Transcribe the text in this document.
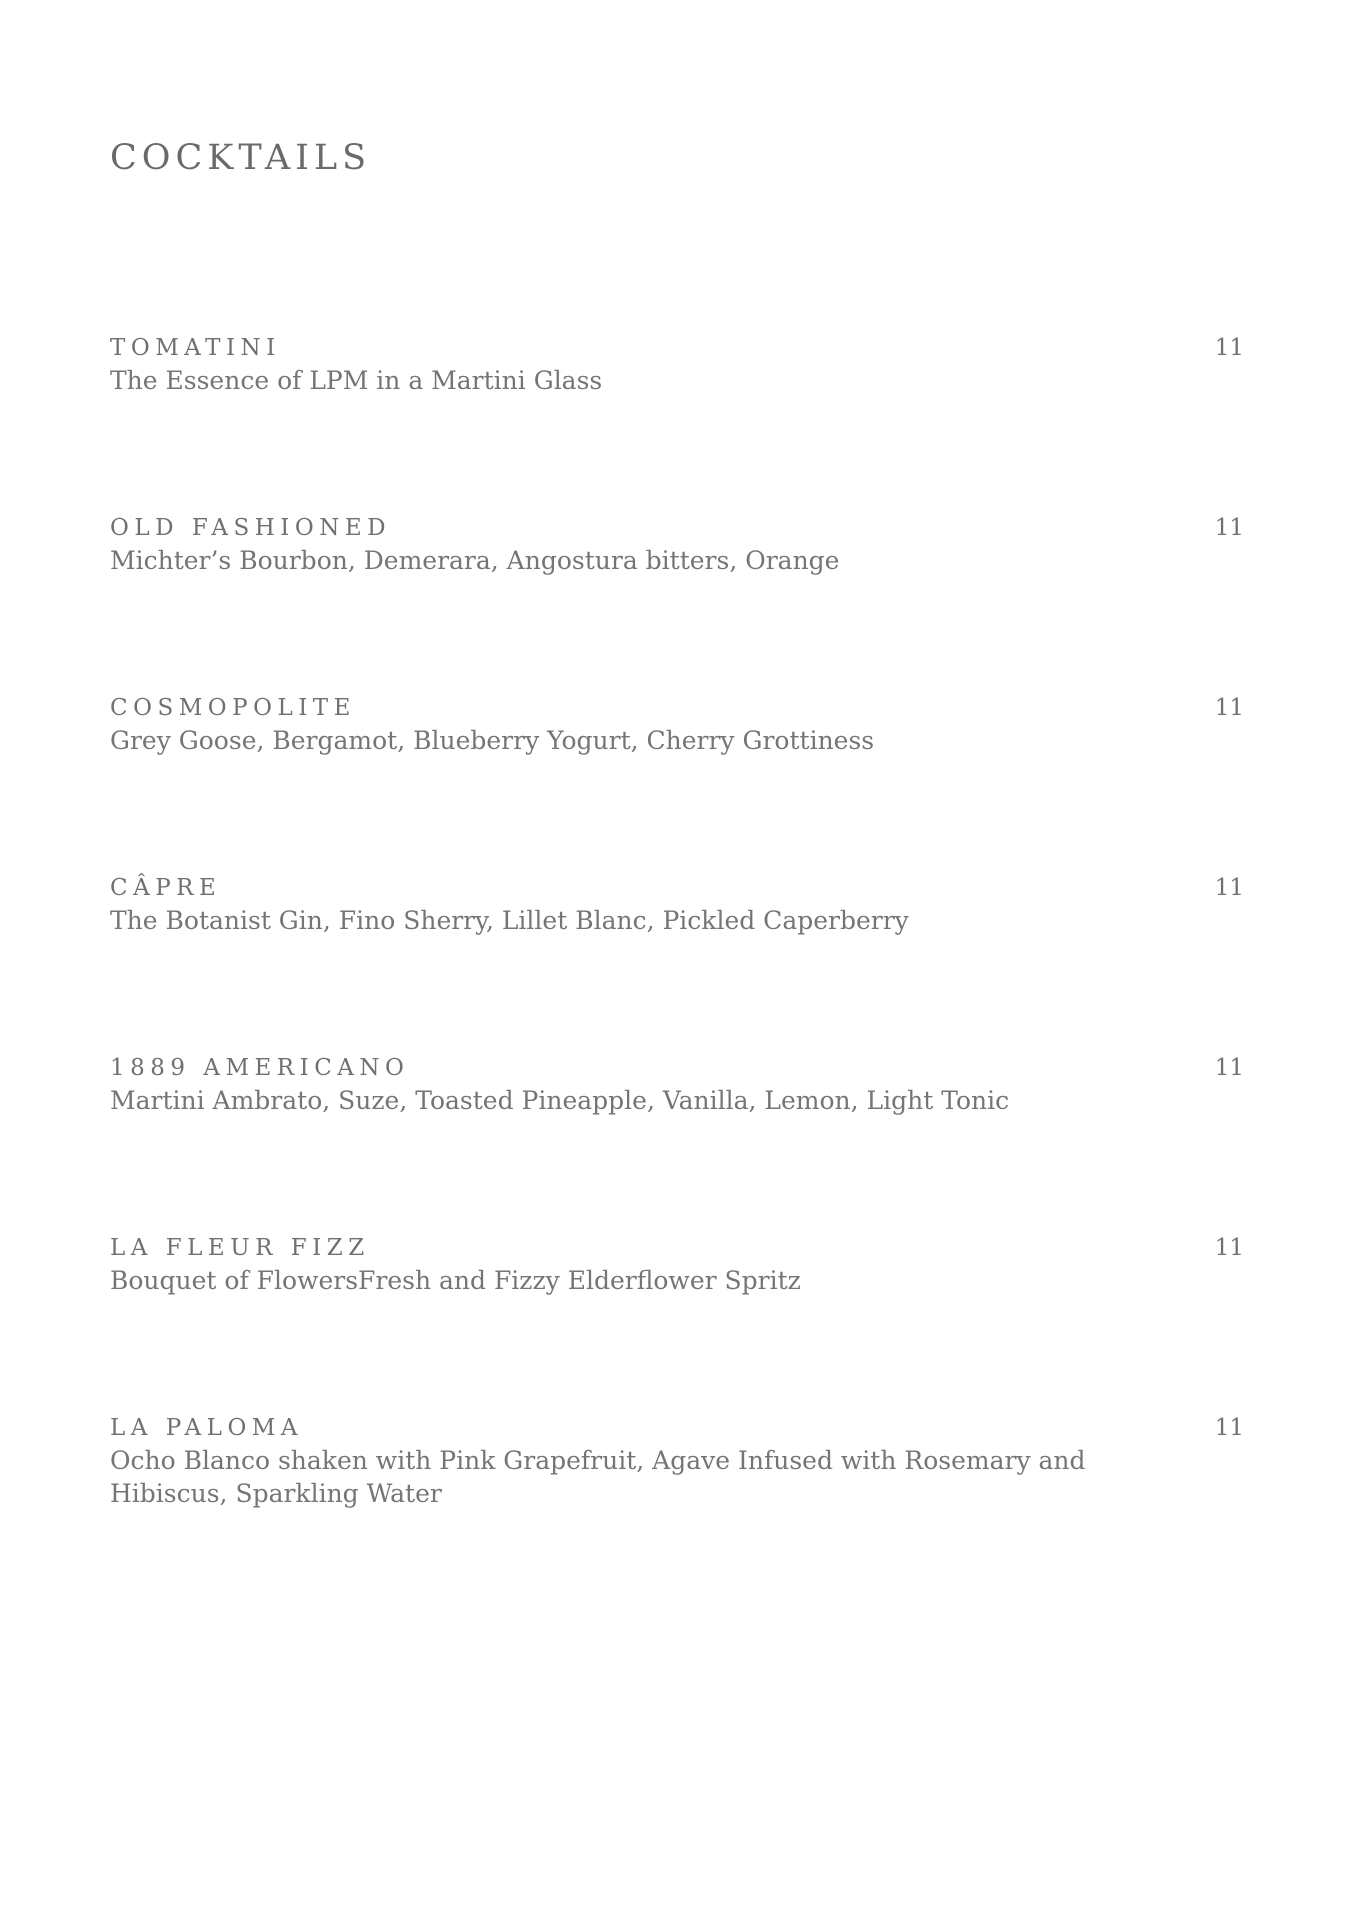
COCKTAILS
TOMATINI	11
The Essence of LPM in a Martini Glass
OLD FASHIONED	11
Michter’s Bourbon, Demerara, Angostura bitters, Orange
COSMOPOLITE	11
Grey Goose, Bergamot, Blueberry Yogurt, Cherry Grottiness
CÂPRE	11
The Botanist Gin, Fino Sherry, Lillet Blanc, Pickled Caperberry
1889 AMERICANO	11
Martini Ambrato, Suze, Toasted Pineapple, Vanilla, Lemon, Light Tonic
LA FLEUR FIZZ	11
Bouquet of FlowersFresh and Fizzy Elderflower Spritz
LA PALOMA	11
Ocho Blanco shaken with Pink Grapefruit, Agave Infused with Rosemary and Hibiscus, Sparkling Water
